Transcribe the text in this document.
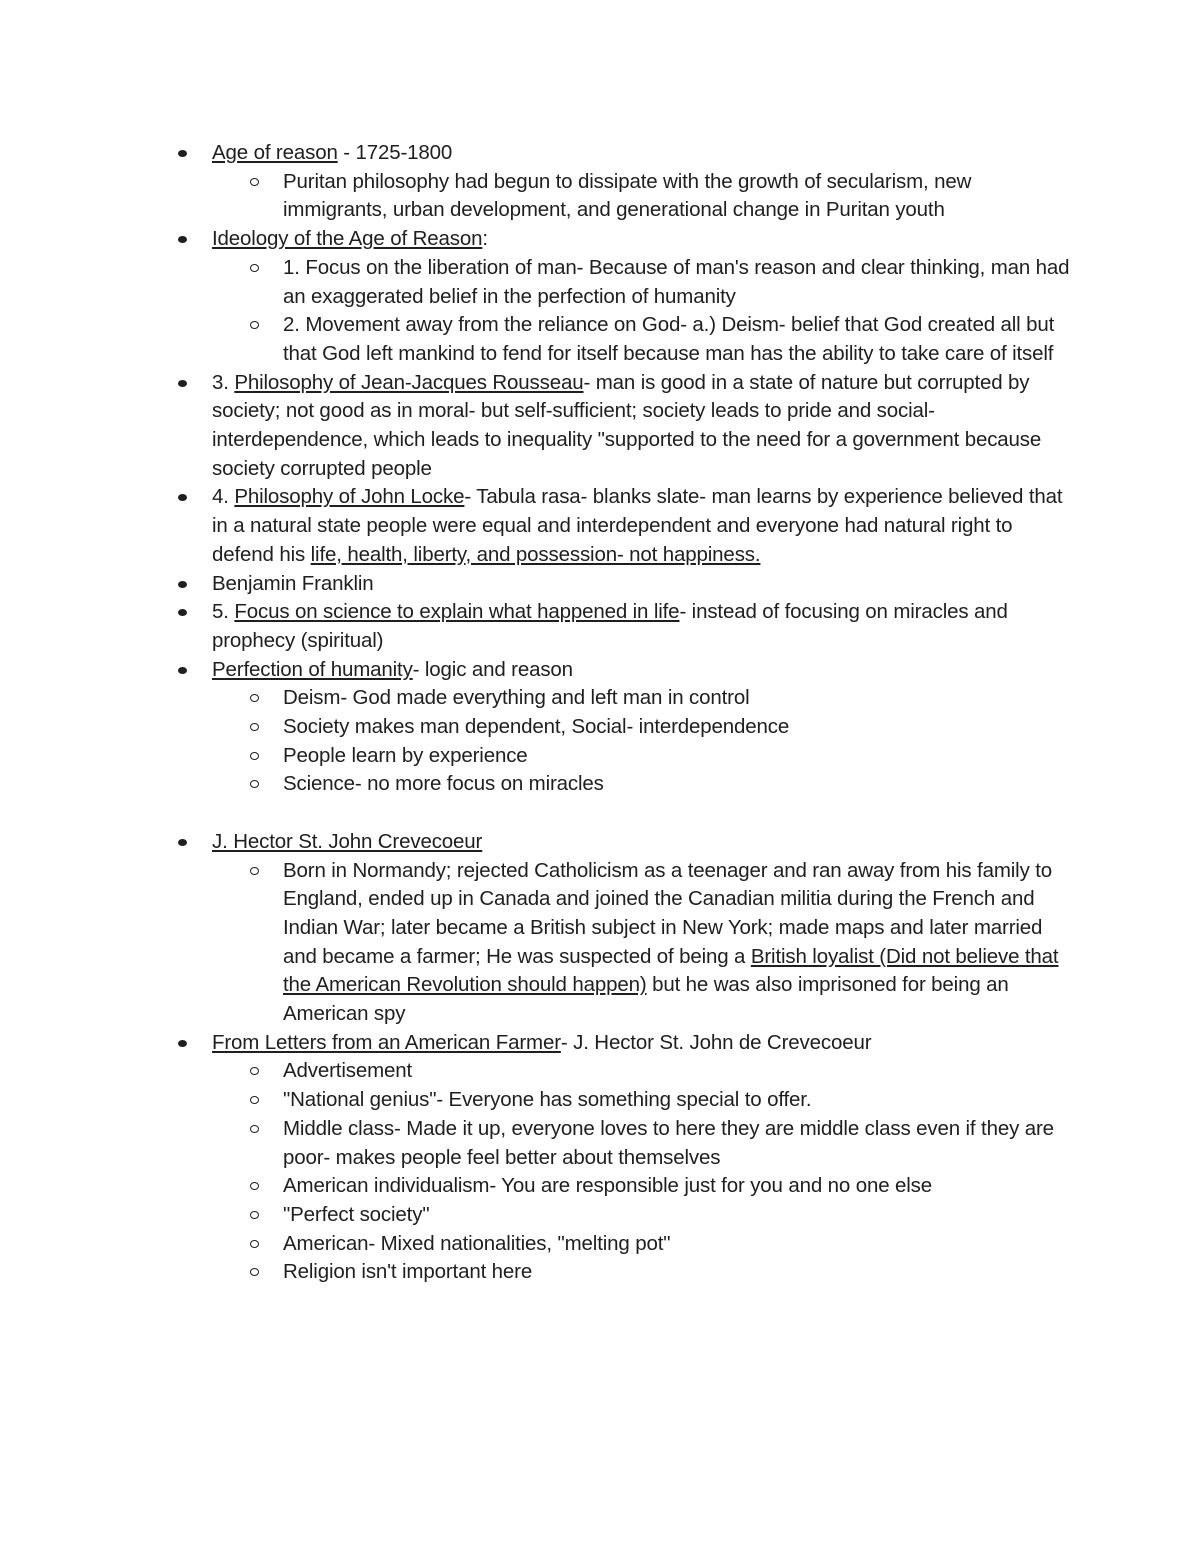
Age of reason - 1725-1800
Puritan philosophy had begun to dissipate with the growth of secularism, new immigrants, urban development, and generational change in Puritan youth
Ideology of the Age of Reason:
1. Focus on the liberation of man- Because of man's reason and clear thinking, man had an exaggerated belief in the perfection of humanity
2. Movement away from the reliance on God- a.) Deism- belief that God created all but that God left mankind to fend for itself because man has the ability to take care of itself
3. Philosophy of Jean-Jacques Rousseau- man is good in a state of nature but corrupted by society; not good as in moral- but self-sufficient; society leads to pride and social-interdependence, which leads to inequality "supported to the need for a government because society corrupted people
4. Philosophy of John Locke- Tabula rasa- blanks slate- man learns by experience believed that in a natural state people were equal and interdependent and everyone had natural right to defend his life, health, liberty, and possession- not happiness.
Benjamin Franklin
5. Focus on science to explain what happened in life- instead of focusing on miracles and prophecy (spiritual)
Perfection of humanity- logic and reason
Deism- God made everything and left man in control
Society makes man dependent, Social- interdependence
People learn by experience
Science- no more focus on miracles
J. Hector St. John Crevecoeur
Born in Normandy; rejected Catholicism as a teenager and ran away from his family to England, ended up in Canada and joined the Canadian militia during the French and Indian War; later became a British subject in New York; made maps and later married and became a farmer; He was suspected of being a British loyalist (Did not believe that the American Revolution should happen) but he was also imprisoned for being an American spy
From Letters from an American Farmer- J. Hector St. John de Crevecoeur
Advertisement
"National genius"- Everyone has something special to offer.
Middle class- Made it up, everyone loves to here they are middle class even if they are poor- makes people feel better about themselves
American individualism- You are responsible just for you and no one else
"Perfect society"
American- Mixed nationalities, "melting pot"
Religion isn't important here
